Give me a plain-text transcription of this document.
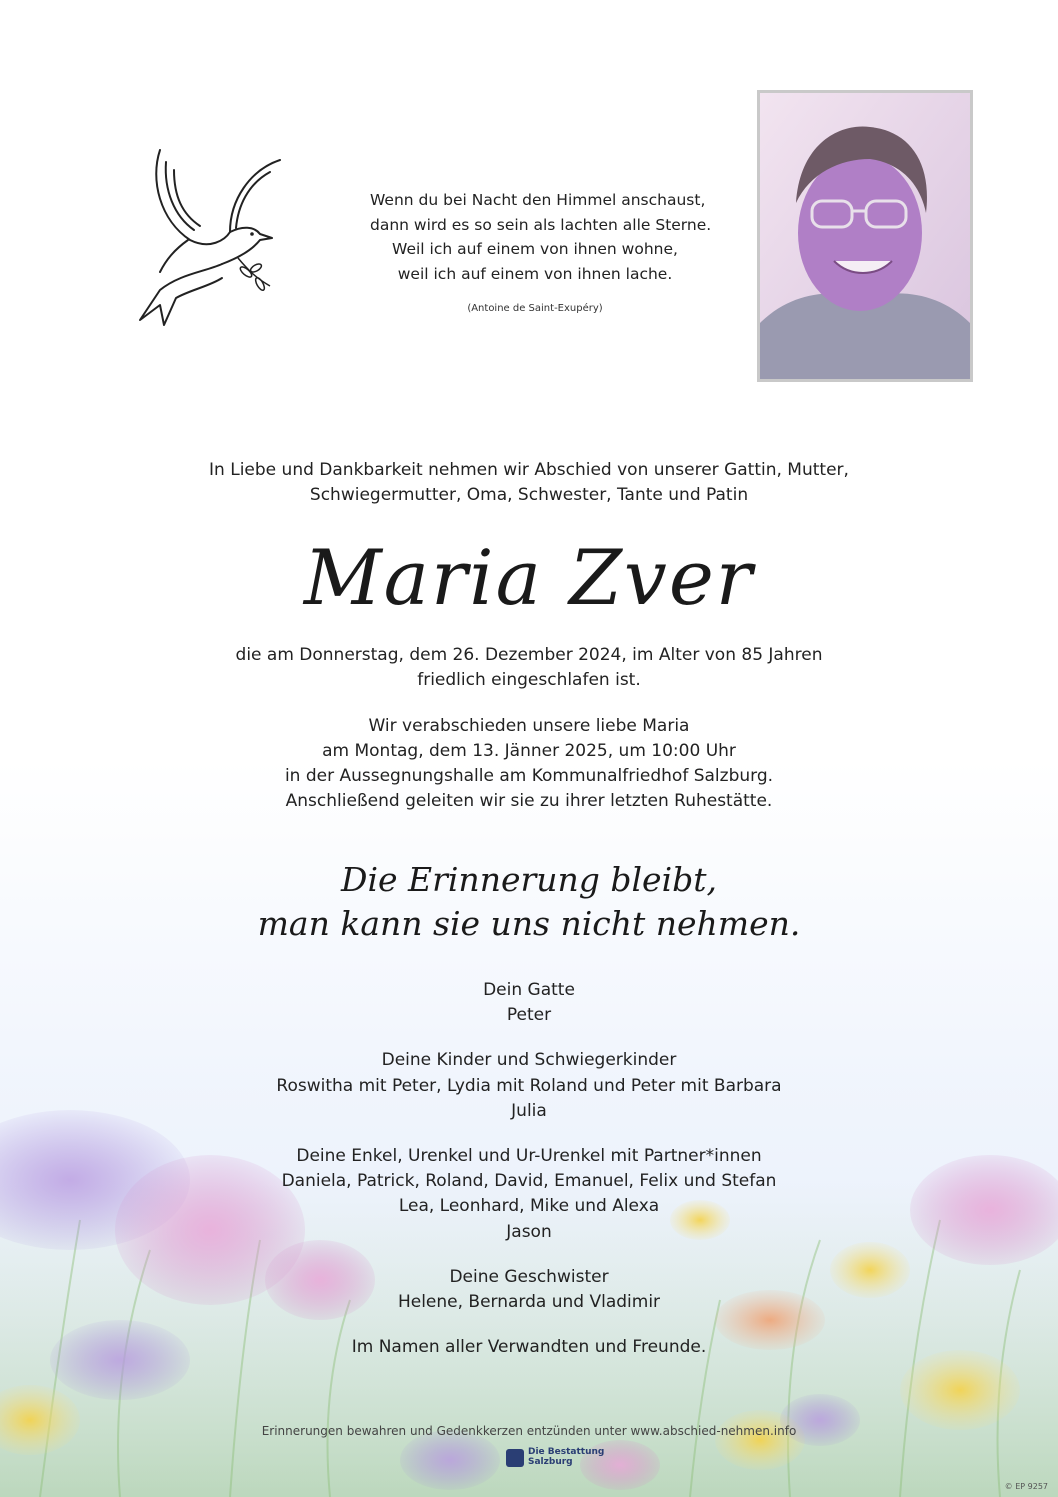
Wenn du bei Nacht den Himmel anschaust,
dann wird es so sein als lachten alle Sterne.
Weil ich auf einem von ihnen wohne,
weil ich auf einem von ihnen lache.
(Antoine de Saint-Exupéry)
In Liebe und Dankbarkeit nehmen wir Abschied von unserer Gattin, Mutter,
Schwiegermutter, Oma, Schwester, Tante und Patin
Maria Zver
die am Donnerstag, dem 26. Dezember 2024, im Alter von 85 Jahren
friedlich eingeschlafen ist.
Wir verabschieden unsere liebe Maria
am Montag, dem 13. Jänner 2025, um 10:00 Uhr
in der Aussegnungshalle am Kommunalfriedhof Salzburg.
Anschließend geleiten wir sie zu ihrer letzten Ruhestätte.
Die Erinnerung bleibt,
man kann sie uns nicht nehmen.
Dein Gatte
Peter
Deine Kinder und Schwiegerkinder
Roswitha mit Peter, Lydia mit Roland und Peter mit Barbara
Julia
Deine Enkel, Urenkel und Ur-Urenkel mit Partner*innen
Daniela, Patrick, Roland, David, Emanuel, Felix und Stefan
Lea, Leonhard, Mike und Alexa
Jason
Deine Geschwister
Helene, Bernarda und Vladimir
Im Namen aller Verwandten und Freunde.
Erinnerungen bewahren und Gedenkkerzen entzünden unter www.abschied-nehmen.info
Die Bestattung
Salzburg
© EP 9257
